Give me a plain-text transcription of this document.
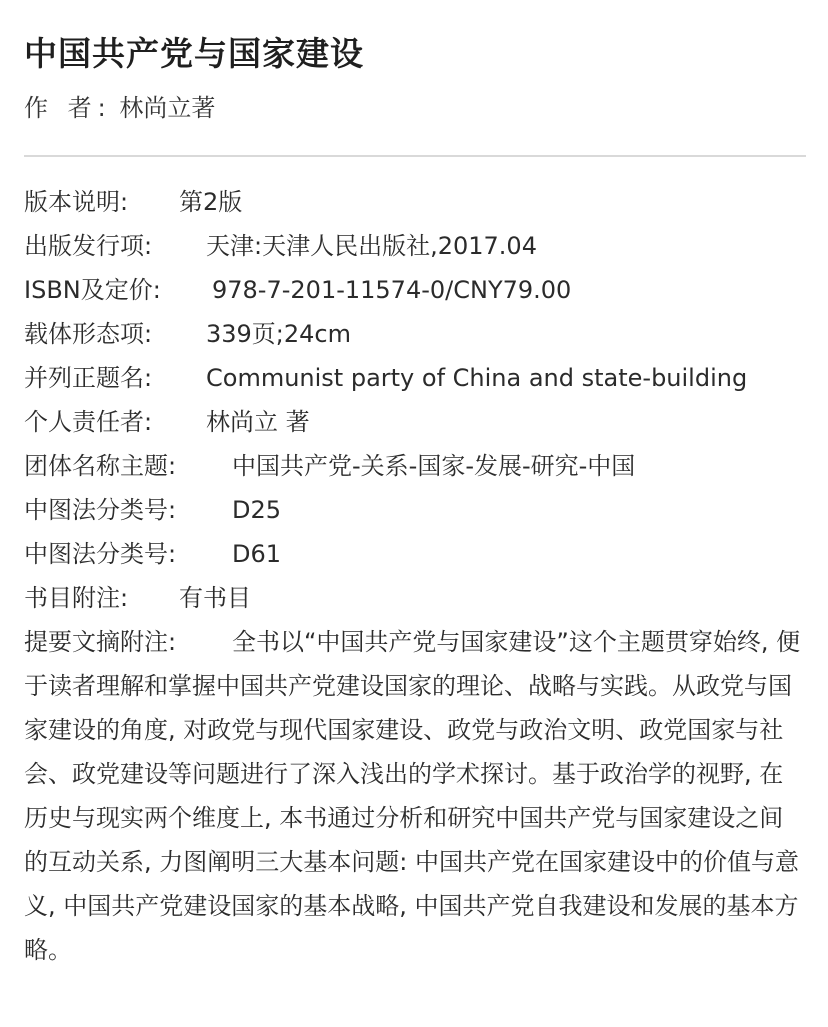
中国共产党与国家建设
作 者: 林尚立著
版本说明: 第2版
出版发行项: 天津:天津人民出版社,2017.04
ISBN及定价: 978-7-201-11574-0/CNY79.00
载体形态项: 339页;24cm
并列正题名: Communist party of China and state-building
个人责任者: 林尚立 著
团体名称主题: 中国共产党-关系-国家-发展-研究-中国
中图法分类号: D25
中图法分类号: D61
书目附注: 有书目
提要文摘附注: 全书以“中国共产党与国家建设”这个主题贯穿始终, 便于读者理解和掌握中国共产党建设国家的理论、战略与实践。从政党与国家建设的角度, 对政党与现代国家建设、政党与政治文明、政党国家与社会、政党建设等问题进行了深入浅出的学术探讨。基于政治学的视野, 在历史与现实两个维度上, 本书通过分析和研究中国共产党与国家建设之间的互动关系, 力图阐明三大基本问题: 中国共产党在国家建设中的价值与意义, 中国共产党建设国家的基本战略, 中国共产党自我建设和发展的基本方略。
